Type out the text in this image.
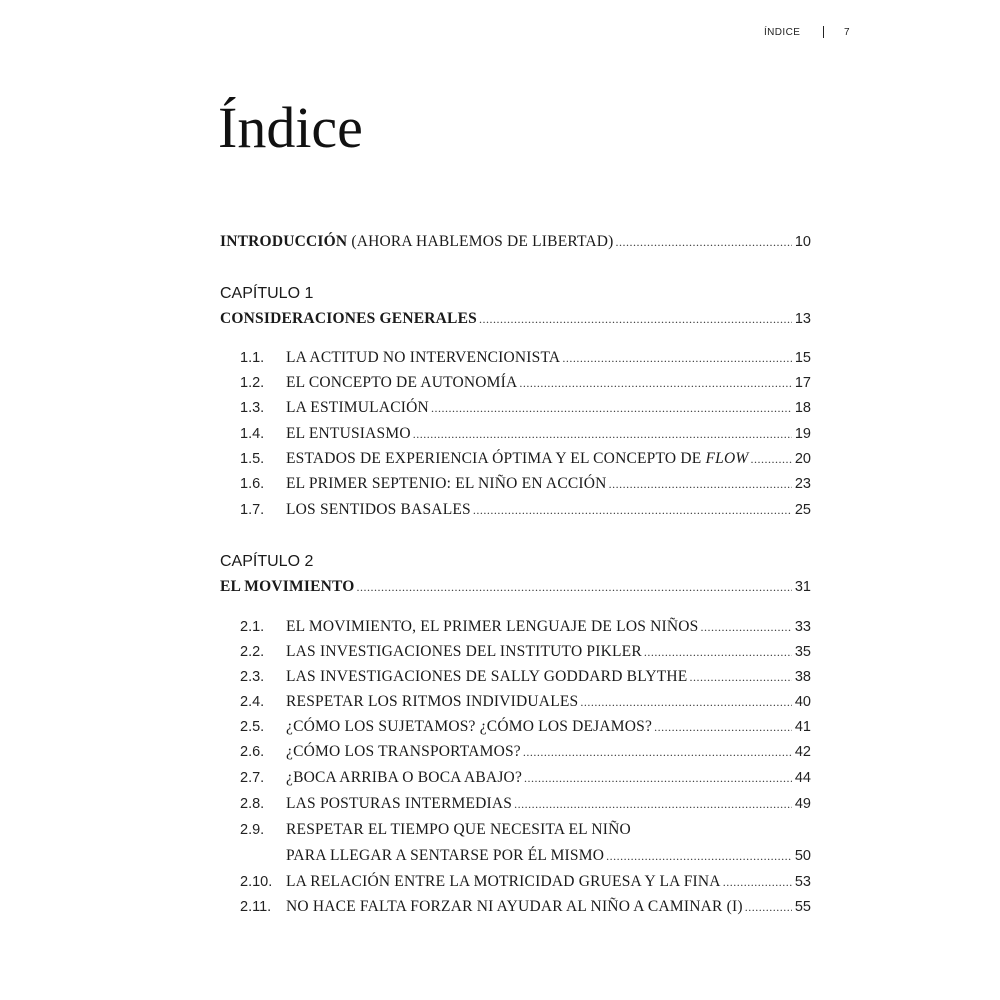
ÍNDICE	7
Índice
INTRODUCCIÓN (AHORA HABLEMOS DE LIBERTAD) .....	10
CAPÍTULO 1
CONSIDERACIONES GENERALES .....	13
1.1.	LA ACTITUD NO INTERVENCIONISTA .....	15
1.2.	EL CONCEPTO DE AUTONOMÍA .....	17
1.3.	LA ESTIMULACIÓN .....	18
1.4.	EL ENTUSIASMO .....	19
1.5.	ESTADOS DE EXPERIENCIA ÓPTIMA Y EL CONCEPTO DE FLOW .....	20
1.6.	EL PRIMER SEPTENIO: EL NIÑO EN ACCIÓN .....	23
1.7.	LOS SENTIDOS BASALES .....	25
CAPÍTULO 2
EL MOVIMIENTO .....	31
2.1.	EL MOVIMIENTO, EL PRIMER LENGUAJE DE LOS NIÑOS .....	33
2.2.	LAS INVESTIGACIONES DEL INSTITUTO PIKLER .....	35
2.3.	LAS INVESTIGACIONES DE SALLY GODDARD BLYTHE .....	38
2.4.	RESPETAR LOS RITMOS INDIVIDUALES .....	40
2.5.	¿CÓMO LOS SUJETAMOS? ¿CÓMO LOS DEJAMOS? .....	41
2.6.	¿CÓMO LOS TRANSPORTAMOS? .....	42
2.7.	¿BOCA ARRIBA O BOCA ABAJO? .....	44
2.8.	LAS POSTURAS INTERMEDIAS .....	49
2.9.	RESPETAR EL TIEMPO QUE NECESITA EL NIÑO
PARA LLEGAR A SENTARSE POR ÉL MISMO .....	50
2.10. LA RELACIÓN ENTRE LA MOTRICIDAD GRUESA Y LA FINA .....	53
2.11. NO HACE FALTA FORZAR NI AYUDAR AL NIÑO A CAMINAR (I) .....	55
